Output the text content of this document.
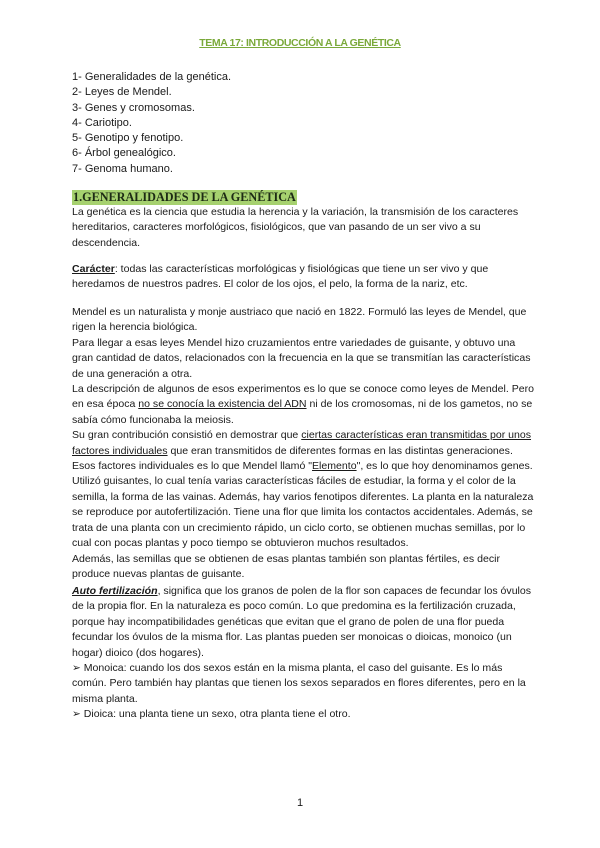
TEMA 17: INTRODUCCIÓN A LA GENÉTICA
1- Generalidades de la genética.
2- Leyes de Mendel.
3- Genes y cromosomas.
4- Cariotipo.
5- Genotipo y fenotipo.
6- Árbol genealógico.
7- Genoma humano.
1.GENERALIDADES DE LA GENÉTICA

La genética es la ciencia que estudia la herencia y la variación, la transmisión de los caracteres hereditarios, caracteres morfológicos, fisiológicos, que van pasando de un ser vivo a su descendencia.

Carácter: todas las características morfológicas y fisiológicas que tiene un ser vivo y que heredamos de nuestros padres. El color de los ojos, el pelo, la forma de la nariz, etc.

Mendel es un naturalista y monje austriaco que nació en 1822. Formuló las leyes de Mendel, que rigen la herencia biológica.

Para llegar a esas leyes Mendel hizo cruzamientos entre variedades de guisante, y obtuvo una gran cantidad de datos, relacionados con la frecuencia en la que se transmitían las características de una generación a otra.

La descripción de algunos de esos experimentos es lo que se conoce como leyes de Mendel. Pero en esa época no se conocía la existencia del ADN ni de los cromosomas, ni de los gametos, no se sabía cómo funcionaba la meiosis.

Su gran contribución consistió en demostrar que ciertas características eran transmitidas por unos factores individuales que eran transmitidos de diferentes formas en las distintas generaciones. Esos factores individuales es lo que Mendel llamó "Elemento", es lo que hoy denominamos genes.

Utilizó guisantes, lo cual tenía varias características fáciles de estudiar, la forma y el color de la semilla, la forma de las vainas. Además, hay varios fenotipos diferentes. La planta en la naturaleza se reproduce por autofertilización. Tiene una flor que limita los contactos accidentales. Además, se trata de una planta con un crecimiento rápido, un ciclo corto, se obtienen muchas semillas, por lo cual con pocas plantas y poco tiempo se obtuvieron muchos resultados.

Además, las semillas que se obtienen de esas plantas también son plantas fértiles, es decir produce nuevas plantas de guisante.

Auto fertilización, significa que los granos de polen de la flor son capaces de fecundar los óvulos de la propia flor. En la naturaleza es poco común. Lo que predomina es la fertilización cruzada, porque hay incompatibilidades genéticas que evitan que el grano de polen de una flor pueda fecundar los óvulos de la misma flor. Las plantas pueden ser monoicas o dioicas, monoico (un hogar) dioico (dos hogares).

➢ Monoica: cuando los dos sexos están en la misma planta, el caso del guisante. Es lo más común. Pero también hay plantas que tienen los sexos separados en flores diferentes, pero en la misma planta.

➢ Dioica: una planta tiene un sexo, otra planta tiene el otro.

1
